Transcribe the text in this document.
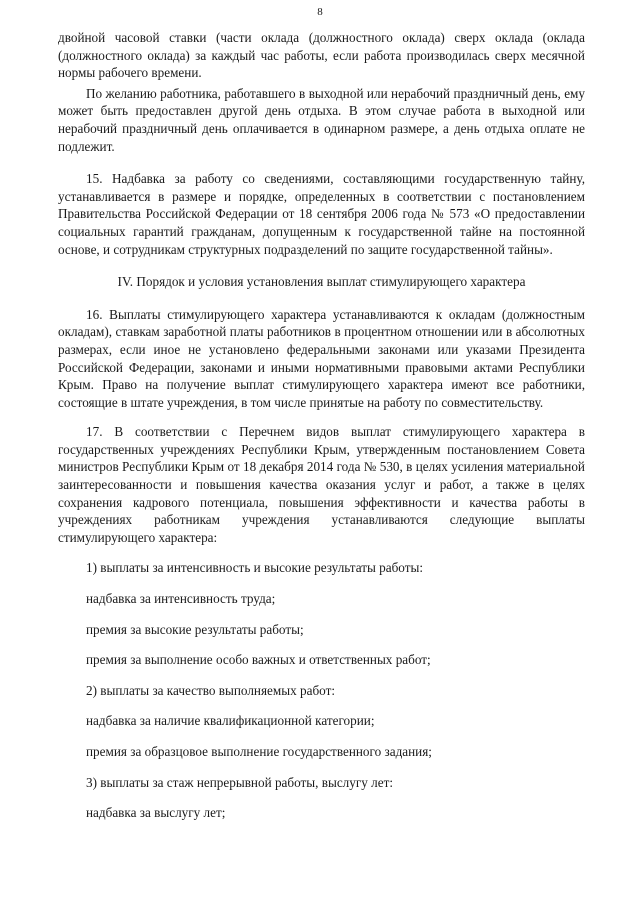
8

двойной часовой ставки (части оклада (должностного оклада) сверх оклада (оклада (должностного оклада) за каждый час работы, если работа производилась сверх месячной нормы рабочего времени.

По желанию работника, работавшего в выходной или нерабочий праздничный день, ему может быть предоставлен другой день отдыха. В этом случае работа в выходной или нерабочий праздничный день оплачивается в одинарном размере, а день отдыха оплате не подлежит.

15. Надбавка за работу со сведениями, составляющими государственную тайну, устанавливается в размере и порядке, определенных в соответствии с постановлением Правительства Российской Федерации от 18 сентября 2006 года № 573 «О предоставлении социальных гарантий гражданам, допущенным к государственной тайне на постоянной основе, и сотрудникам структурных подразделений по защите государственной тайны».

IV. Порядок и условия установления выплат стимулирующего характера

16. Выплаты стимулирующего характера устанавливаются к окладам (должностным окладам), ставкам заработной платы работников в процентном отношении или в абсолютных размерах, если иное не установлено федеральными законами или указами Президента Российской Федерации, законами и иными нормативными правовыми актами Республики Крым. Право на получение выплат стимулирующего характера имеют все работники, состоящие в штате учреждения, в том числе принятые на работу по совместительству.

17. В соответствии с Перечнем видов выплат стимулирующего характера в государственных учреждениях Республики Крым, утвержденным постановлением Совета министров Республики Крым от 18 декабря 2014 года № 530, в целях усиления материальной заинтересованности и повышения качества оказания услуг и работ, а также в целях сохранения кадрового потенциала, повышения эффективности и качества работы в учреждениях работникам учреждения устанавливаются следующие выплаты стимулирующего характера:

1) выплаты за интенсивность и высокие результаты работы:

надбавка за интенсивность труда;

премия за высокие результаты работы;

премия за выполнение особо важных и ответственных работ;

2) выплаты за качество выполняемых работ:

надбавка за наличие квалификационной категории;

премия за образцовое выполнение государственного задания;

3) выплаты за стаж непрерывной работы, выслугу лет:

надбавка за выслугу лет;
